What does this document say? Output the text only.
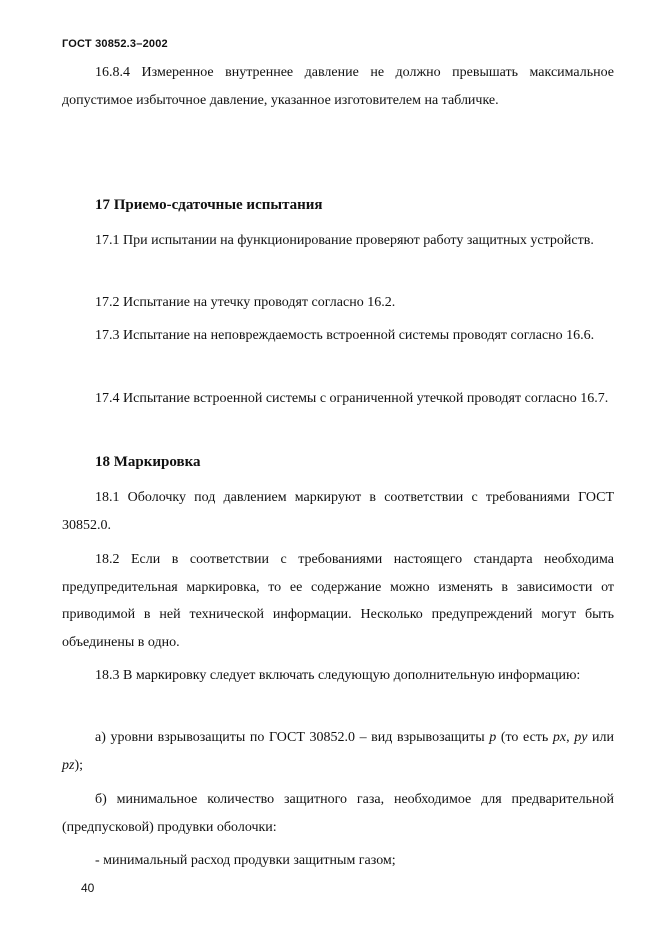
ГОСТ 30852.3–2002

16.8.4 Измеренное внутреннее давление не должно превышать максимальное допустимое избыточное давление, указанное изготовителем на табличке.

17 Приемо-сдаточные испытания

17.1 При испытании на функционирование проверяют работу защитных устройств.

17.2 Испытание на утечку проводят согласно 16.2.

17.3 Испытание на неповреждаемость встроенной системы проводят согласно 16.6.

17.4 Испытание встроенной системы с ограниченной утечкой проводят согласно 16.7.

18 Маркировка

18.1 Оболочку под давлением маркируют в соответствии с требованиями ГОСТ 30852.0.

18.2 Если в соответствии с требованиями настоящего стандарта необходима предупредительная маркировка, то ее содержание можно изменять в зависимости от приводимой в ней технической информации. Несколько предупреждений могут быть объединены в одно.

18.3 В маркировку следует включать следующую дополнительную информацию:

а) уровни взрывозащиты по ГОСТ 30852.0 – вид взрывозащиты р (то есть px, py или pz);

б) минимальное количество защитного газа, необходимое для предварительной (предпусковой) продувки оболочки:

- минимальный расход продувки защитным газом;

40
